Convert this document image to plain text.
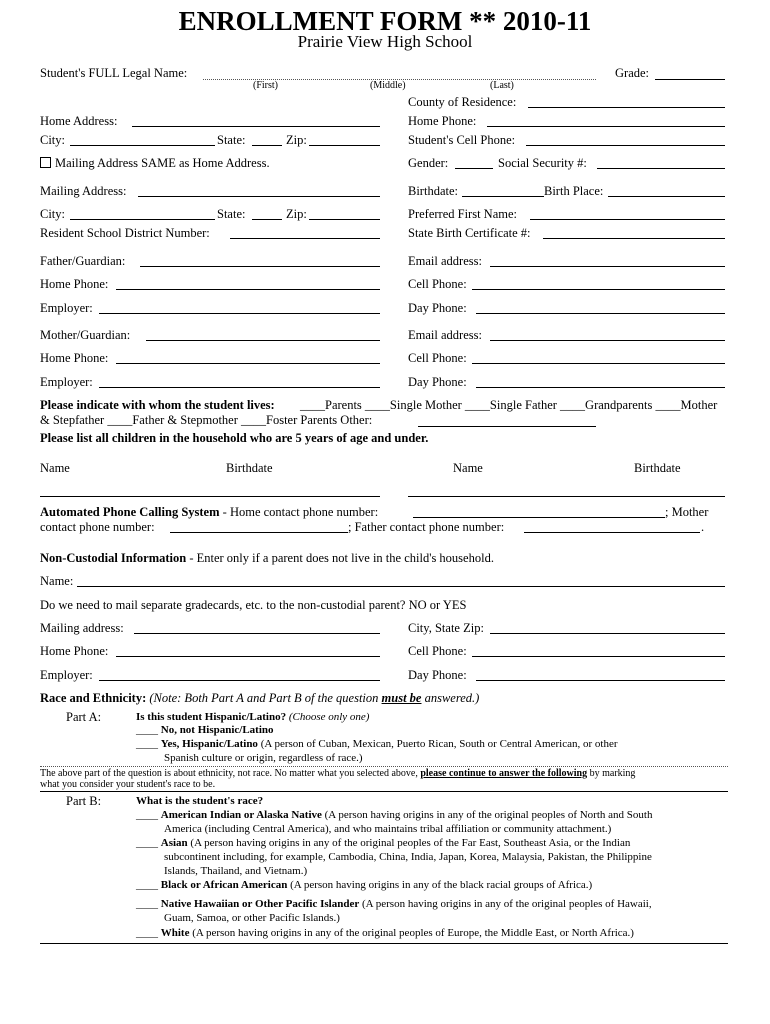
ENROLLMENT FORM ** 2010-11
Prairie View High School
Student's FULL Legal Name:
(First)	(Middle)	(Last)
Grade:
County of Residence:
Home Address:	Home Phone:
City:	State:	Zip:	Student's Cell Phone:
Mailing Address SAME as Home Address.	Gender:	Social Security #:
Mailing Address:	Birthdate:	Birth Place:
City:	State:	Zip:	Preferred First Name:
Resident School District Number:	State Birth Certificate #:
Father/Guardian:	Email address:
Home Phone:	Cell Phone:
Employer:	Day Phone:
Mother/Guardian:	Email address:
Home Phone:	Cell Phone:
Employer:	Day Phone:
Please indicate with whom the student lives: ____Parents ____Single Mother ____Single Father ____Grandparents ____Mother
& Stepfather ____Father & Stepmother ____Foster Parents Other:
Please list all children in the household who are 5 years of age and under.
Name	Birthdate	Name	Birthdate
Automated Phone Calling System - Home contact phone number:	; Mother
contact phone number:	; Father contact phone number:	.
Non-Custodial Information - Enter only if a parent does not live in the child's household.
Name:
Do we need to mail separate gradecards, etc. to the non-custodial parent? NO or YES
Mailing address:	City, State Zip:
Home Phone:	Cell Phone:
Employer:	Day Phone:
Race and Ethnicity: (Note: Both Part A and Part B of the question must be answered.)
Part A:	Is this student Hispanic/Latino? (Choose only one)
____ No, not Hispanic/Latino
____ Yes, Hispanic/Latino (A person of Cuban, Mexican, Puerto Rican, South or Central American, or other
Spanish culture or origin, regardless of race.)
The above part of the question is about ethnicity, not race. No matter what you selected above, please continue to answer the following by marking
what you consider your student's race to be.
Part B:	What is the student's race?
____ American Indian or Alaska Native (A person having origins in any of the original peoples of North and South
America (including Central America), and who maintains tribal affiliation or community attachment.)
____ Asian (A person having origins in any of the original peoples of the Far East, Southeast Asia, or the Indian
subcontinent including, for example, Cambodia, China, India, Japan, Korea, Malaysia, Pakistan, the Philippine
Islands, Thailand, and Vietnam.)
____ Black or African American (A person having origins in any of the black racial groups of Africa.)
____ Native Hawaiian or Other Pacific Islander (A person having origins in any of the original peoples of Hawaii,
Guam, Samoa, or other Pacific Islands.)
____ White (A person having origins in any of the original peoples of Europe, the Middle East, or North Africa.)
